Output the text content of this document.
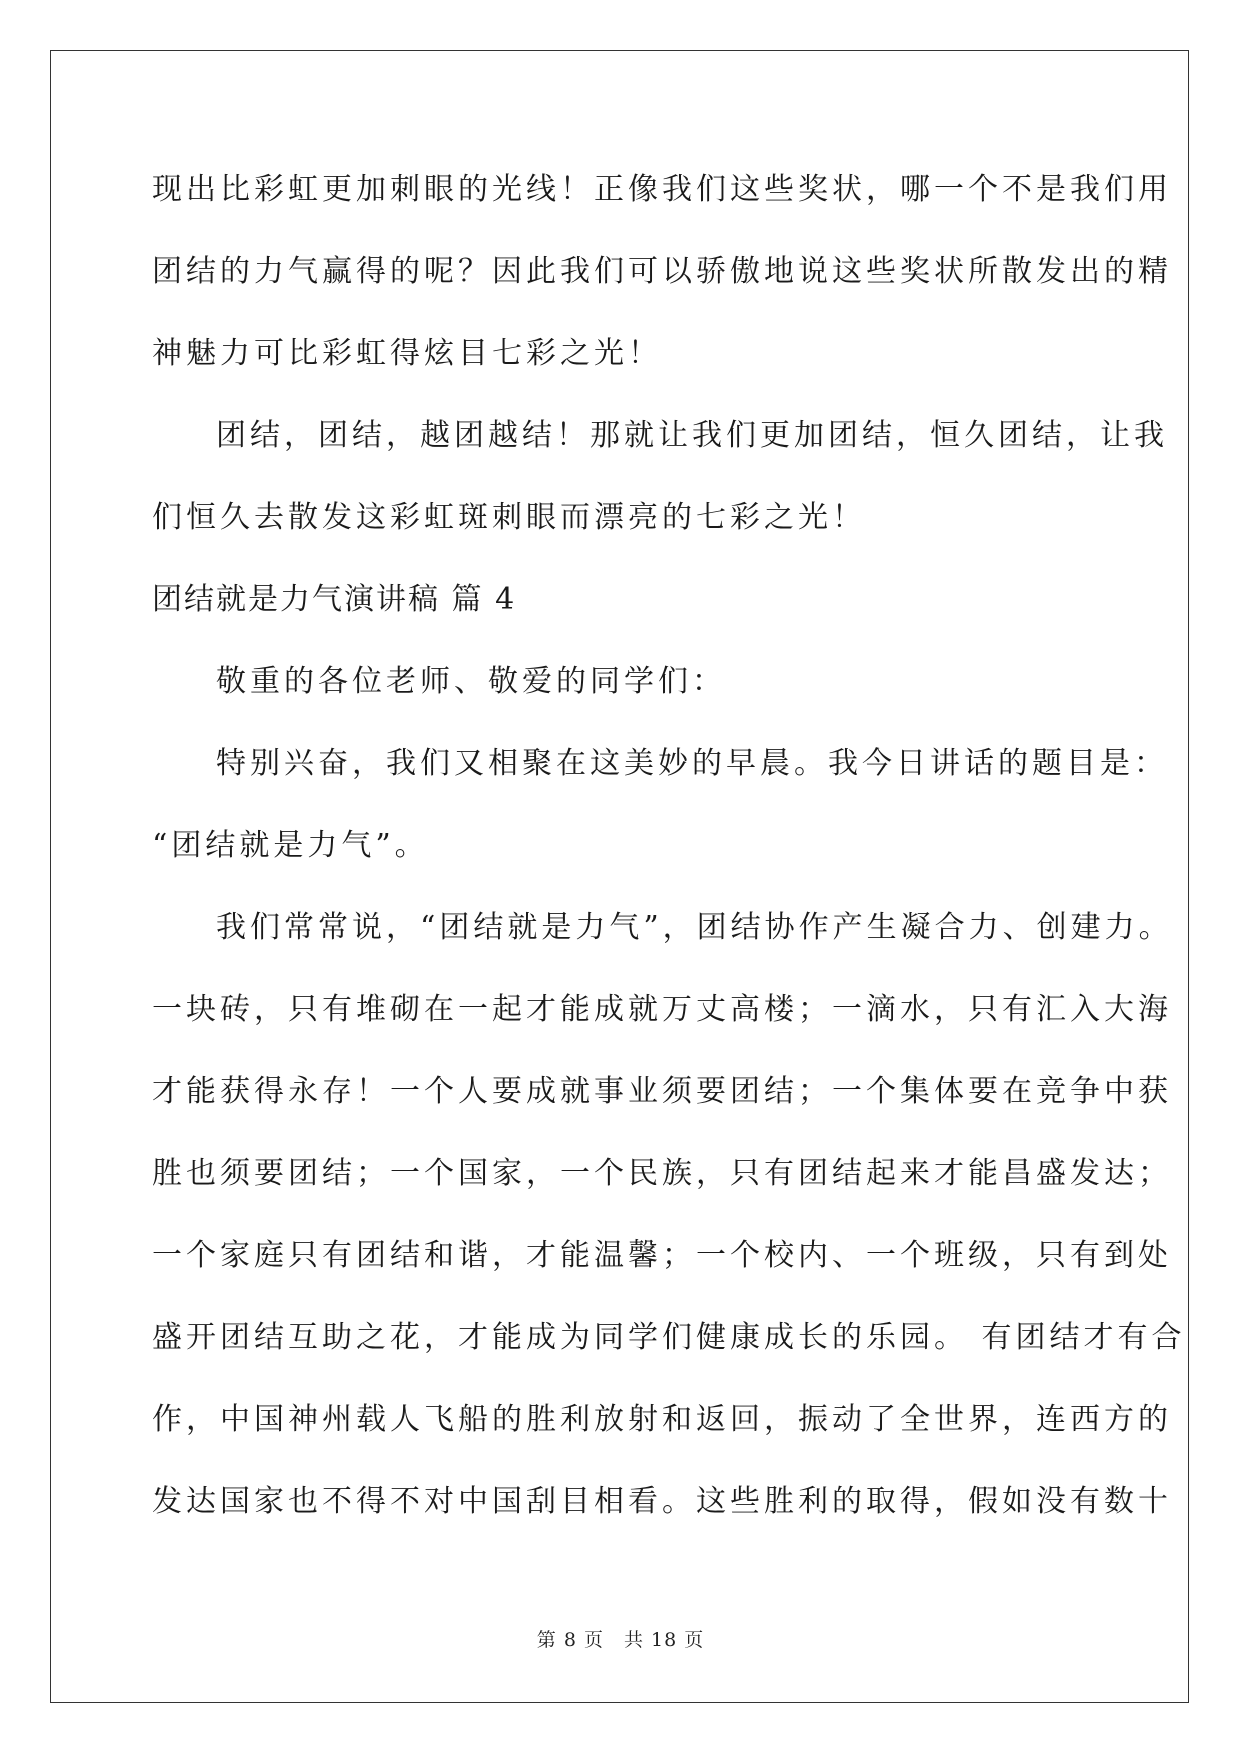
现出比彩虹更加刺眼的光线！正像我们这些奖状，哪一个不是我们用
团结的力气赢得的呢？因此我们可以骄傲地说这些奖状所散发出的精
神魅力可比彩虹得炫目七彩之光！
团结，团结，越团越结！那就让我们更加团结，恒久团结，让我
们恒久去散发这彩虹斑刺眼而漂亮的七彩之光！
团结就是力气演讲稿 篇 4
敬重的各位老师、敬爱的同学们：
特别兴奋，我们又相聚在这美妙的早晨。我今日讲话的题目是：
“团结就是力气”。
我们常常说，“团结就是力气”，团结协作产生凝合力、创建力。
一块砖，只有堆砌在一起才能成就万丈高楼；一滴水，只有汇入大海
才能获得永存！一个人要成就事业须要团结；一个集体要在竞争中获
胜也须要团结；一个国家，一个民族，只有团结起来才能昌盛发达；
一个家庭只有团结和谐，才能温馨；一个校内、一个班级，只有到处
盛开团结互助之花，才能成为同学们健康成长的乐园。 有团结才有合
作，中国神州载人飞船的胜利放射和返回，振动了全世界，连西方的
发达国家也不得不对中国刮目相看。这些胜利的取得，假如没有数十
第 8 页　共 18 页
